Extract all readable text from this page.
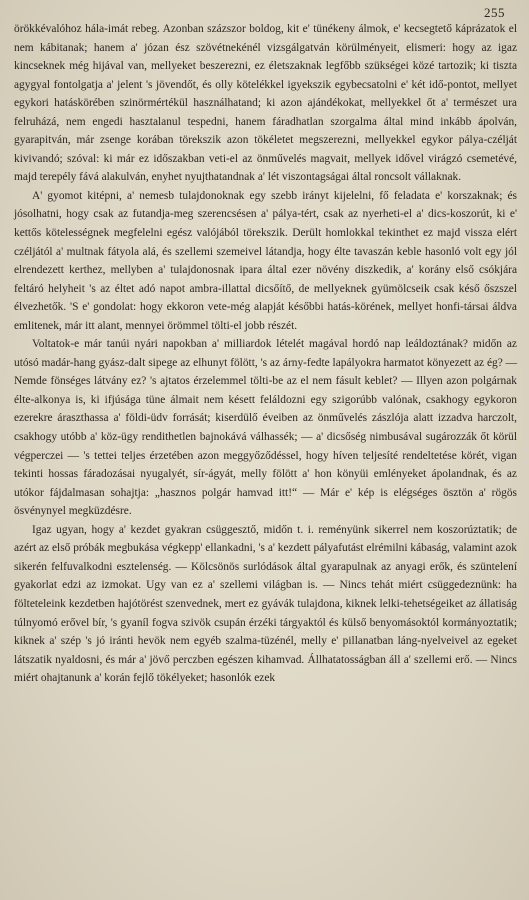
255

örökkévalóhoz hála-imát rebeg. Azonban százszor boldog, kit e' tünékeny álmok, e' kecsegtető káprázatok el nem kábitanak; hanem a' józan ész szövétnekénél vizsgálgatván körülményeit, elismeri: hogy az igaz kincseknek még hijával van, mellyeket beszerezni, ez életszaknak legfőbb szükségei közé tartozik; ki tiszta agygyal fontolgatja a' jelent 's jövendőt, és olly kötelékkel igyekszik egybecsatolni e' két idő-pontot, mellyet egykori hatáskörében szinörmértékül használhatand; ki azon ajándékokat, mellyekkel őt a' természet ura felruházá, nem engedi hasztalanul tespedni, hanem fáradhatlan szorgalma által mind inkább ápolván, gyarapitván, már zsenge korában törekszik azon tökéletet megszerezni, mellyekkel egykor pálya-czélját kivivandó; szóval: ki már ez időszakban veti-el az önművelés magvait, mellyek idővel virágzó csemetévé, majd terepély fává alakulván, enyhet nyujthatandnak a' lét viszontagságai által roncsolt vállaknak.

A' gyomot kitépni, a' nemesb tulajdonoknak egy szebb irányt kijelelni, fő feladata e' korszaknak; és jósolhatni, hogy csak az futandja-meg szerencsésen a' pálya-tért, csak az nyerheti-el a' dics-koszorút, ki e' kettős kötelességnek megfelelni egész valójából törekszik. Derült homlokkal tekinthet ez majd vissza elért czéljától a' multnak fátyola alá, és szellemi szemeivel látandja, hogy élte tavaszán keble hasonló volt egy jól elrendezett kerthez, mellyben a' tulajdonosnak ipara által ezer növény diszkedik, a' korány első csókjára feltáró helyheit 's az éltet adó napot ambra-illattal dicsőítő, de mellyeknek gyümölcseik csak késő őszszel élvezhetők. 'S e' gondolat: hogy ekkoron vete-még alapját későbbi hatás-körének, mellyet honfi-társai áldva emlitenek, már itt alant, mennyei örömmel tölti-el jobb részét.

Voltatok-e már tanúi nyári napokban a' milliardok lételét magával hordó nap leáldoztának? midőn az utósó madár-hang gyász-dalt sipege az elhunyt fölött, 's az árny-fedte lapályokra harmatot könyezett az ég? — Nemde fönséges látvány ez? 's ajtatos érzelemmel tölti-be az el nem fásult keblet? — Illyen azon polgárnak élte-alkonya is, ki ifjúsága tüne álmait nem késett feláldozni egy szigorúbb valónak, csakhogy egykoron ezerekre áraszthassa a' földi-üdv forrását; kiserdülő éveiben az önművelés zászlója alatt izzadva harczolt, csakhogy utóbb a' köz-ügy rendithetlen bajnokává válhassék; — a' dicsőség nimbusával sugározzák őt körül végperczei — 's tettei teljes érzetében azon meggyőződéssel, hogy híven teljesíté rendeltetése körét, vigan tekinti hossas fáradozásai nyugalyét, sír-ágyát, melly fölött a' hon könyüi emlényeket ápolandnak, és az utókor fájdalmasan sohajtja: „hasznos polgár hamvad itt!“ — Már e' kép is elégséges ösztön a' rögös ösvénynyel megküzdésre.

Igaz ugyan, hogy a' kezdet gyakran csüggesztő, midőn t. i. reményünk sikerrel nem koszorúztatik; de azért az első próbák megbukása végkepp' ellankadni, 's a' kezdett pályafutást elrémilni kábaság, valamint azok sikerén felfuvalkodni esztelenség. — Kölcsönös surlódások által gyarapulnak az anyagi erők, és szüntelení gyakorlat edzi az izmokat. Ugy van ez a' szellemi világban is. — Nincs tehát miért csüggedeznünk: ha fölteteleink kezdetben hajótörést szenvednek, mert ez gyávák tulajdona, kiknek lelki-tehetségeiket az állatiság túlnyomó erővel bír, 's gyaníl fogva szivök csupán érzéki tárgyaktól és külső benyomásoktól kormányoztatik; kiknek a' szép 's jó iránti hevök nem egyéb szalma-tüzénél, melly e' pillanatban láng-nyelveivel az egeket látszatik nyaldosni, és már a' jövő perczben egészen kihamvad. Állhatatosságban áll a' szellemi erő. — Nincs miért ohajtanunk a' korán fejlő tökélyeket; hasonlók ezek
